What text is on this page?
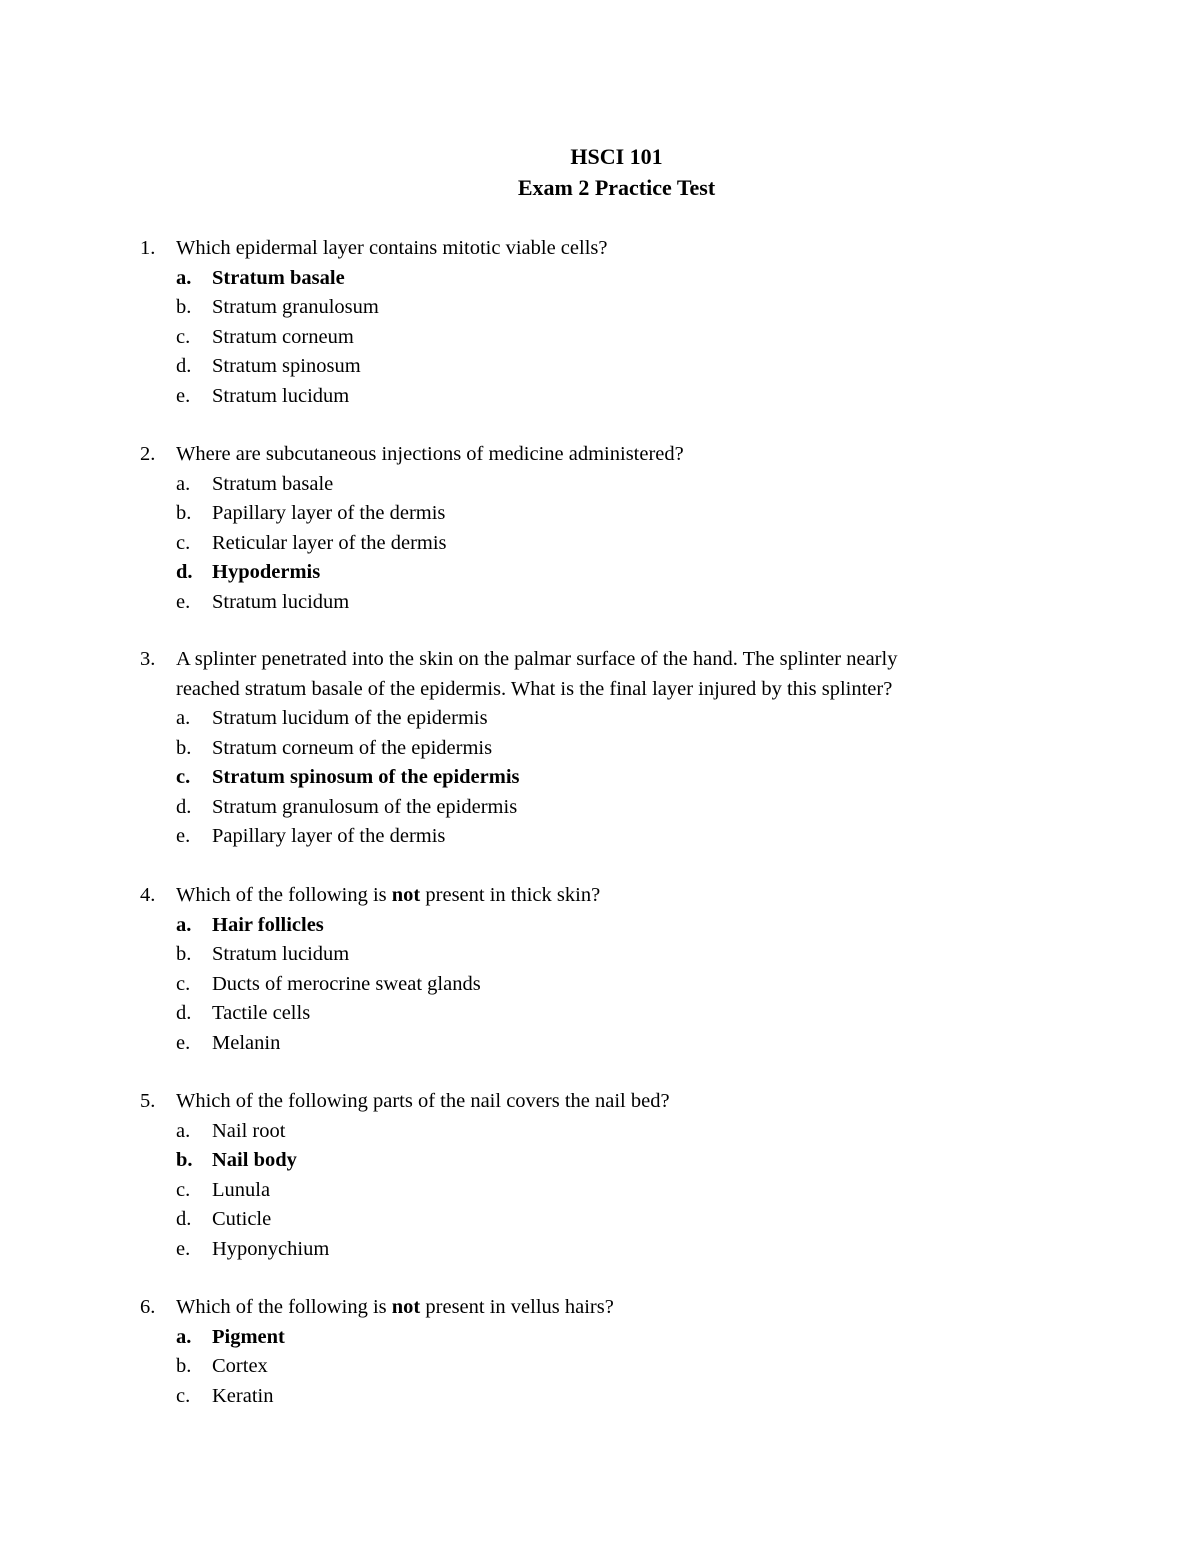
HSCI 101
Exam 2 Practice Test
1.	Which epidermal layer contains mitotic viable cells?
a.	Stratum basale
b.	Stratum granulosum
c.	Stratum corneum
d.	Stratum spinosum
e.	Stratum lucidum
2.	Where are subcutaneous injections of medicine administered?
a.	Stratum basale
b.	Papillary layer of the dermis
c.	Reticular layer of the dermis
d. Hypodermis
e.	Stratum lucidum
3.	A splinter penetrated into the skin on the palmar surface of the hand. The splinter nearly
reached stratum basale of the epidermis. What is the final layer injured by this splinter?
a.	Stratum lucidum of the epidermis
b.	Stratum corneum of the epidermis
c.	Stratum spinosum of the epidermis
d.	Stratum granulosum of the epidermis
e.	Papillary layer of the dermis
4.	Which of the following is not present in thick skin?
a.	Hair follicles
b.	Stratum lucidum
c.	Ducts of merocrine sweat glands
d.	Tactile cells
e.	Melanin
5.	Which of the following parts of the nail covers the nail bed?
a.	Nail root
b. Nail body
c.	Lunula
d.	Cuticle
e.	Hyponychium
6.	Which of the following is not present in vellus hairs?
a.	Pigment
b.	Cortex
c.	Keratin
